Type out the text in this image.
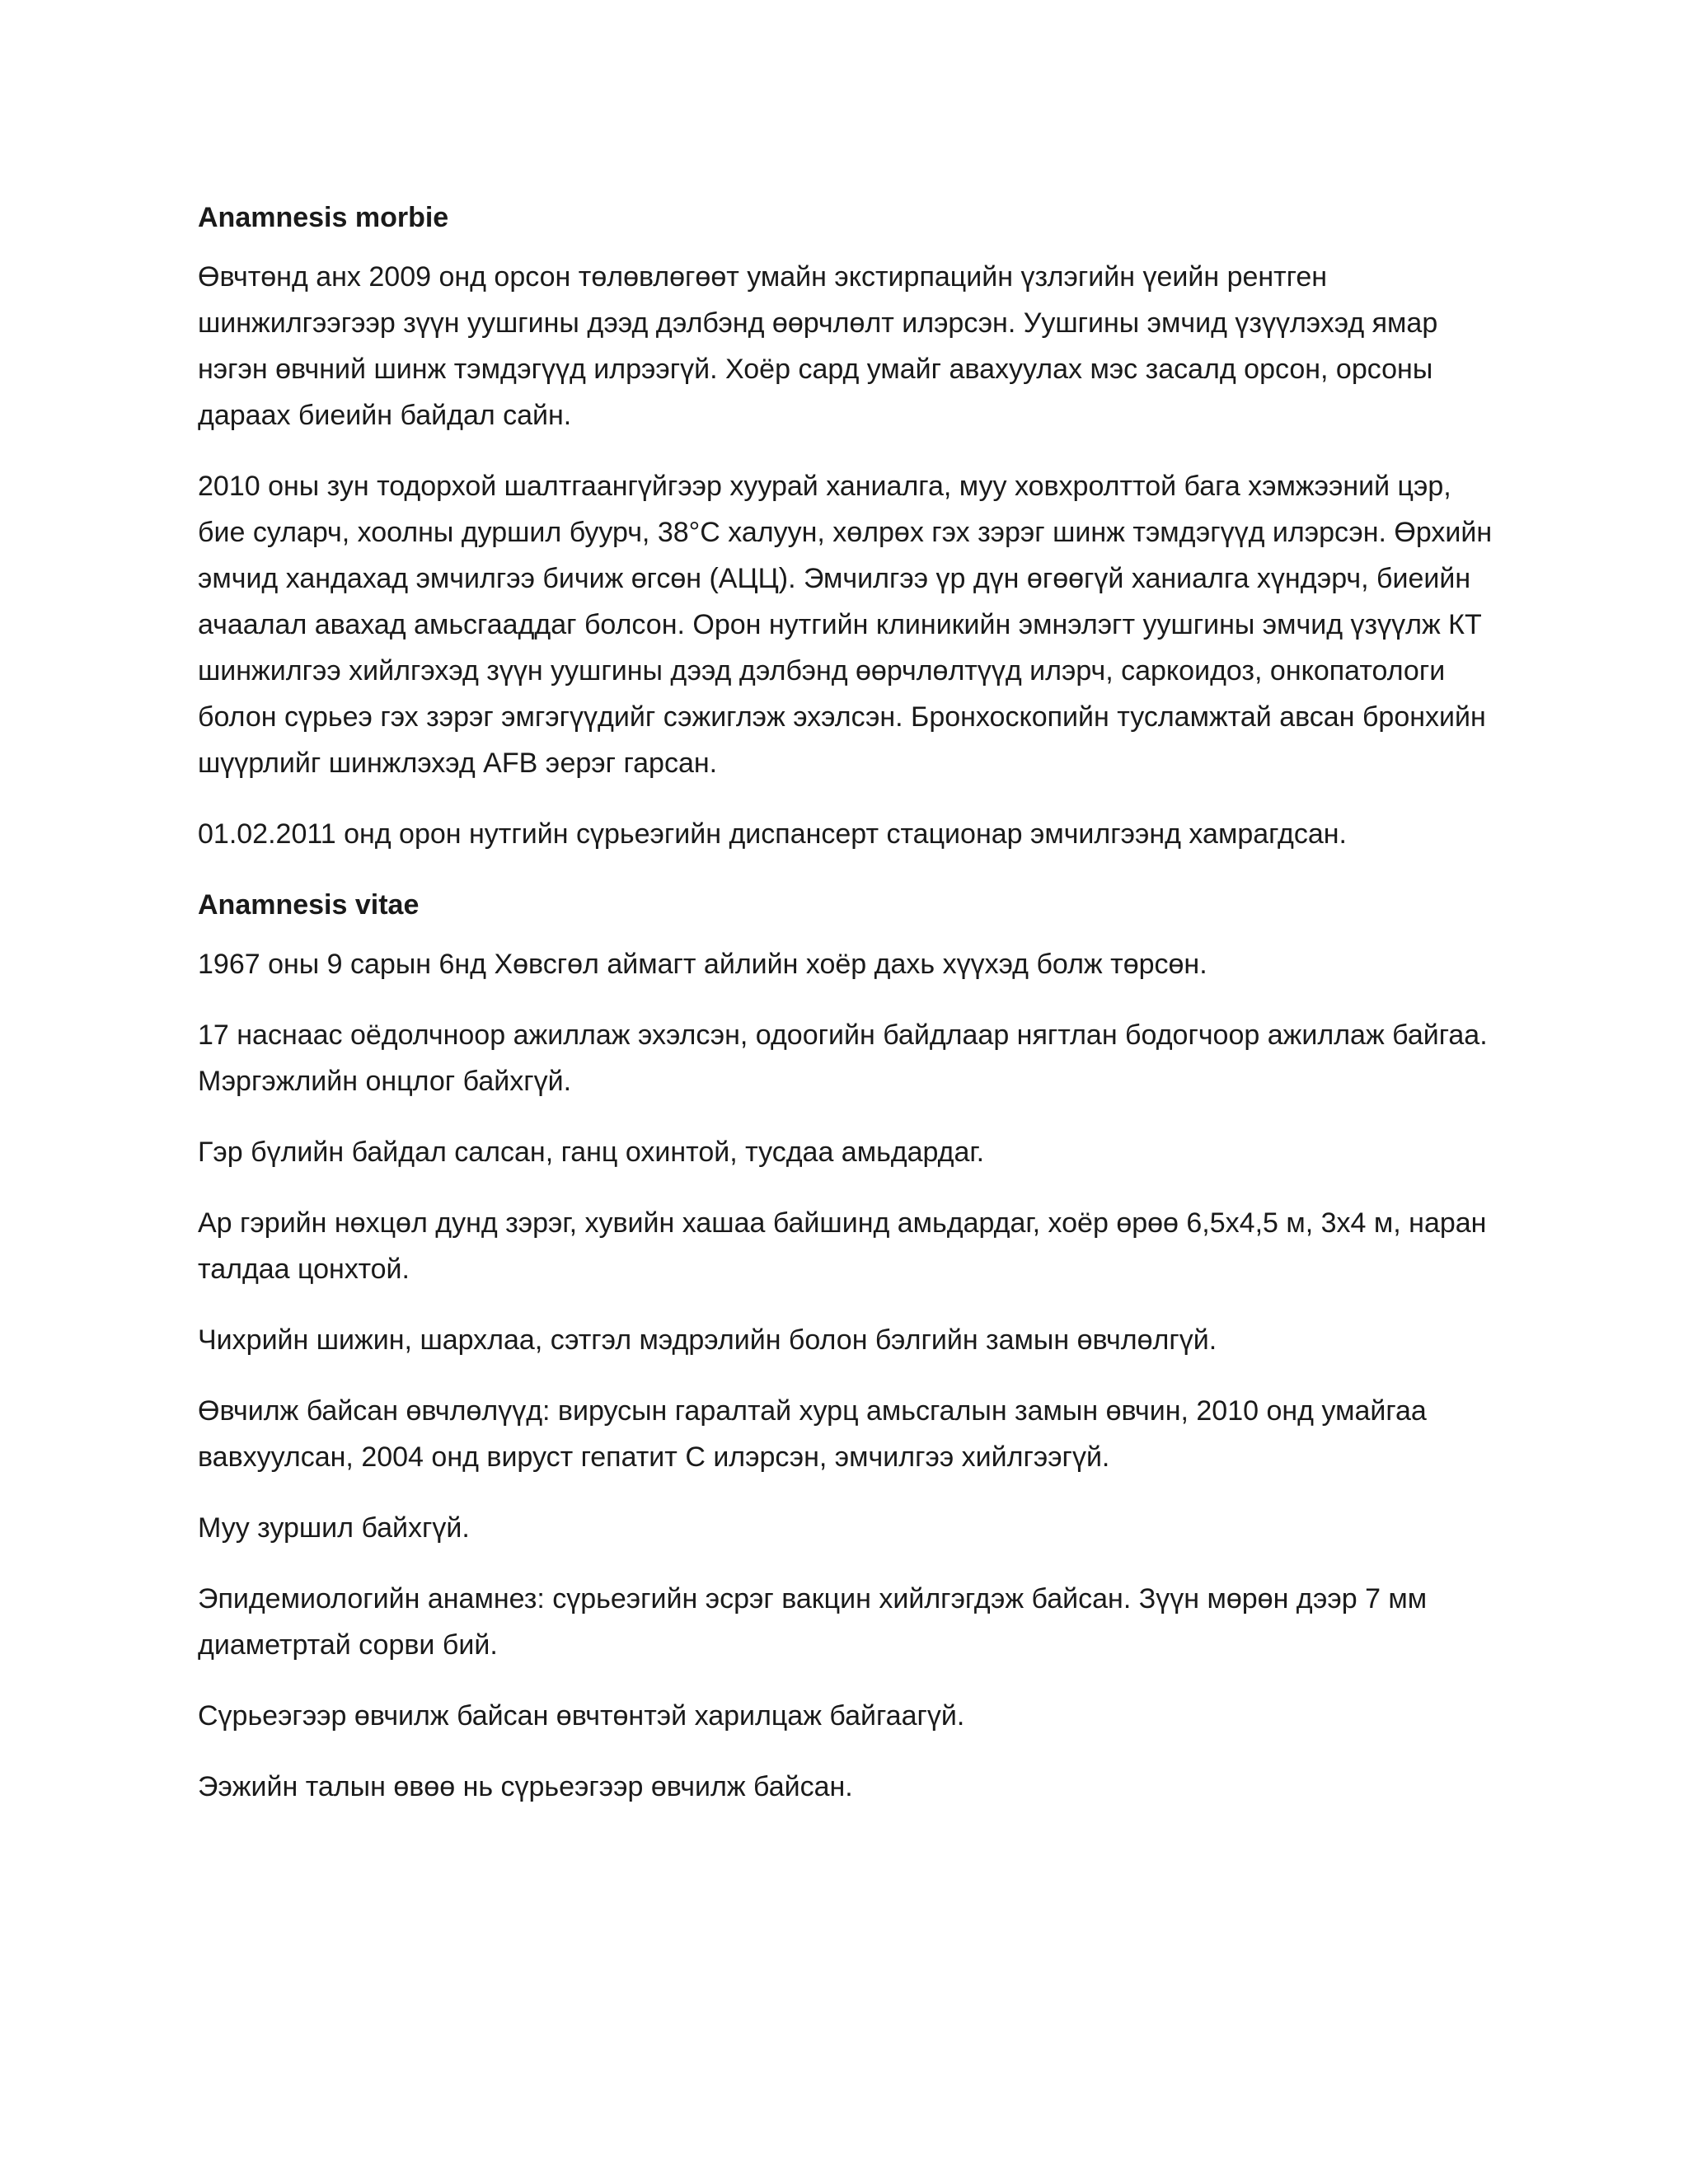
Anamnesis morbie

Өвчтөнд анх 2009 онд орсон төлөвлөгөөт умайн экстирпацийн үзлэгийн үеийн рентген шинжилгээгээр зүүн уушгины дээд дэлбэнд өөрчлөлт илэрсэн. Уушгины эмчид үзүүлэхэд ямар нэгэн өвчний шинж тэмдэгүүд илрээгүй. Хоёр сард умайг авахуулах мэс засалд орсон, орсоны дараах биеийн байдал сайн.

2010 оны зун тодорхой шалтгаангүйгээр хуурай ханиалга, муу ховхролттой бага хэмжээний цэр, бие суларч, хоолны дуршил буурч, 38°С халуун, хөлрөх гэх зэрэг шинж тэмдэгүүд илэрсэн. Өрхийн эмчид хандахад эмчилгээ бичиж өгсөн (АЦЦ). Эмчилгээ үр дүн өгөөгүй ханиалга хүндэрч, биеийн ачаалал авахад амьсгааддаг болсон. Орон нутгийн клиникийн эмнэлэгт уушгины эмчид үзүүлж КТ шинжилгээ хийлгэхэд зүүн уушгины дээд дэлбэнд өөрчлөлтүүд илэрч, саркоидоз, онкопатологи болон сүрьеэ гэх зэрэг эмгэгүүдийг сэжиглэж эхэлсэн. Бронхоскопийн тусламжтай авсан бронхийн шүүрлийг шинжлэхэд AFB эерэг гарсан.

01.02.2011 онд орон нутгийн сүрьеэгийн диспансерт стационар эмчилгээнд хамрагдсан.

Anamnesis vitae

1967 оны 9 сарын 6нд Хөвсгөл аймагт айлийн хоёр дахь хүүхэд болж төрсөн.

17 наснаас оёдолчноор ажиллаж эхэлсэн, одоогийн байдлаар нягтлан бодогчоор ажиллаж байгаа. Мэргэжлийн онцлог байхгүй.

Гэр бүлийн байдал салсан, ганц охинтой, тусдаа амьдардаг.

Ар гэрийн нөхцөл дунд зэрэг, хувийн хашаа байшинд амьдардаг, хоёр өрөө 6,5х4,5 м, 3х4 м, наран талдаа цонхтой.

Чихрийн шижин, шархлаа, сэтгэл мэдрэлийн болон бэлгийн замын өвчлөлгүй.

Өвчилж байсан өвчлөлүүд: вирусын гаралтай хурц амьсгалын замын өвчин, 2010 онд умайгаа вавхуулсан, 2004 онд вируст гепатит С илэрсэн, эмчилгээ хийлгээгүй.

Муу зуршил байхгүй.

Эпидемиологийн анамнез: сүрьеэгийн эсрэг вакцин хийлгэгдэж байсан. Зүүн мөрөн дээр 7 мм диаметртай сорви бий.

Сүрьеэгээр өвчилж байсан өвчтөнтэй харилцаж байгаагүй.

Ээжийн талын өвөө нь сүрьеэгээр өвчилж байсан.
